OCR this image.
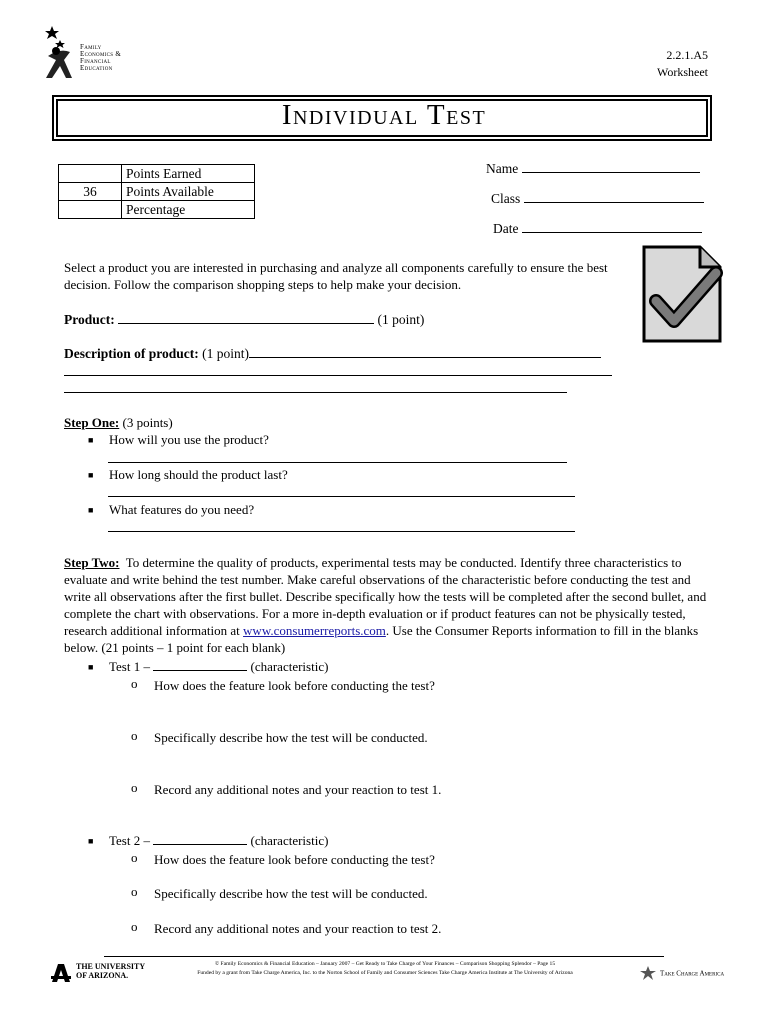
Family
Economics &
Financial
Education
2.2.1.A5
Worksheet
Individual Test
	Points Earned
36	Points Available
	Percentage
Name
Class
Date
Select a product you are interested in purchasing and analyze all components carefully to ensure the best decision. Follow the comparison shopping steps to help make your decision.
Product:	(1 point)
Description of product: (1 point)
Step One: (3 points)
■ How will you use the product?
■ How long should the product last?
■ What features do you need?
Step Two: To determine the quality of products, experimental tests may be conducted. Identify three characteristics to evaluate and write behind the test number. Make careful observations of the characteristic before conducting the test and write all observations after the first bullet. Describe specifically how the tests will be completed after the second bullet, and complete the chart with observations. For a more in-depth evaluation or if product features can not be physically tested, research additional information at www.consumerreports.com. Use the Consumer Reports information to fill in the blanks below. (21 points – 1 point for each blank)
■ Test 1 –	(characteristic)
o How does the feature look before conducting the test?
o Specifically describe how the test will be conducted.
o Record any additional notes and your reaction to test 1.
■ Test 2 –	(characteristic)
o How does the feature look before conducting the test?
o Specifically describe how the test will be conducted.
o Record any additional notes and your reaction to test 2.
© Family Economics & Financial Education – January 2007 – Get Ready to Take Charge of Your Finances – Comparison Shopping Splendor – Page 15
Funded by a grant from Take Charge America, Inc. to the Norton School of Family and Consumer Sciences Take Charge America Institute at The University of Arizona

THE UNIVERSITY
OF ARIZONA.	Take Charge America
